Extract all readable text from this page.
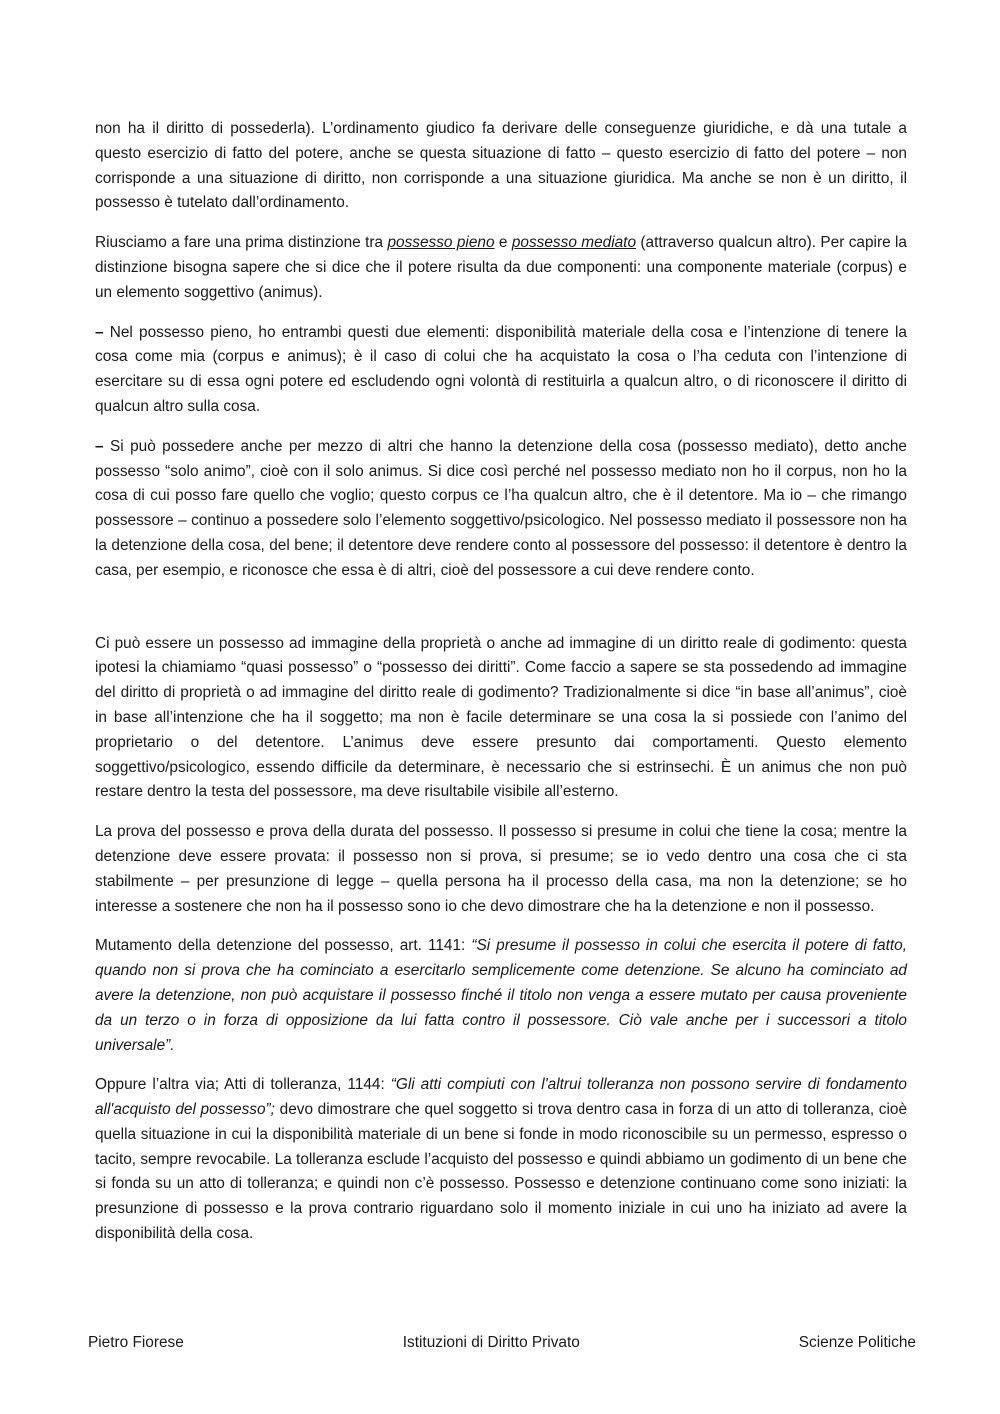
non ha il diritto di possederla). L’ordinamento giudico fa derivare delle conseguenze giuridiche, e dà una tutale a questo esercizio di fatto del potere, anche se questa situazione di fatto – questo esercizio di fatto del potere – non corrisponde a una situazione di diritto, non corrisponde a una situazione giuridica. Ma anche se non è un diritto, il possesso è tutelato dall’ordinamento.

Riusciamo a fare una prima distinzione tra possesso pieno e possesso mediato (attraverso qualcun altro). Per capire la distinzione bisogna sapere che si dice che il potere risulta da due componenti: una componente materiale (corpus) e un elemento soggettivo (animus).

– Nel possesso pieno, ho entrambi questi due elementi: disponibilità materiale della cosa e l’intenzione di tenere la cosa come mia (corpus e animus); è il caso di colui che ha acquistato la cosa o l’ha ceduta con l’intenzione di esercitare su di essa ogni potere ed escludendo ogni volontà di restituirla a qualcun altro, o di riconoscere il diritto di qualcun altro sulla cosa.

– Si può possedere anche per mezzo di altri che hanno la detenzione della cosa (possesso mediato), detto anche possesso “solo animo”, cioè con il solo animus. Si dice così perché nel possesso mediato non ho il corpus, non ho la cosa di cui posso fare quello che voglio; questo corpus ce l’ha qualcun altro, che è il detentore. Ma io – che rimango possessore – continuo a possedere solo l’elemento soggettivo/psicologico. Nel possesso mediato il possessore non ha la detenzione della cosa, del bene; il detentore deve rendere conto al possessore del possesso: il detentore è dentro la casa, per esempio, e riconosce che essa è di altri, cioè del possessore a cui deve rendere conto.

Ci può essere un possesso ad immagine della proprietà o anche ad immagine di un diritto reale di godimento: questa ipotesi la chiamiamo “quasi possesso” o “possesso dei diritti”. Come faccio a sapere se sta possedendo ad immagine del diritto di proprietà o ad immagine del diritto reale di godimento? Tradizionalmente si dice “in base all’animus”, cioè in base all’intenzione che ha il soggetto; ma non è facile determinare se una cosa la si possiede con l’animo del proprietario o del detentore. L’animus deve essere presunto dai comportamenti. Questo elemento soggettivo/psicologico, essendo difficile da determinare, è necessario che si estrinsechi. È un animus che non può restare dentro la testa del possessore, ma deve risultabile visibile all’esterno.

La prova del possesso e prova della durata del possesso. Il possesso si presume in colui che tiene la cosa; mentre la detenzione deve essere provata: il possesso non si prova, si presume; se io vedo dentro una cosa che ci sta stabilmente – per presunzione di legge – quella persona ha il processo della casa, ma non la detenzione; se ho interesse a sostenere che non ha il possesso sono io che devo dimostrare che ha la detenzione e non il possesso.

Mutamento della detenzione del possesso, art. 1141: “Si presume il possesso in colui che esercita il potere di fatto, quando non si prova che ha cominciato a esercitarlo semplicemente come detenzione. Se alcuno ha cominciato ad avere la detenzione, non può acquistare il possesso finché il titolo non venga a essere mutato per causa proveniente da un terzo o in forza di opposizione da lui fatta contro il possessore. Ciò vale anche per i successori a titolo universale”.

Oppure l’altra via; Atti di tolleranza, 1144: “Gli atti compiuti con l'altrui tolleranza non possono servire di fondamento all'acquisto del possesso”; devo dimostrare che quel soggetto si trova dentro casa in forza di un atto di tolleranza, cioè quella situazione in cui la disponibilità materiale di un bene si fonde in modo riconoscibile su un permesso, espresso o tacito, sempre revocabile. La tolleranza esclude l’acquisto del possesso e quindi abbiamo un godimento di un bene che si fonda su un atto di tolleranza; e quindi non c’è possesso. Possesso e detenzione continuano come sono iniziati: la presunzione di possesso e la prova contrario riguardano solo il momento iniziale in cui uno ha iniziato ad avere la disponibilità della cosa.

Pietro Fiorese	Istituzioni di Diritto Privato	Scienze Politiche
